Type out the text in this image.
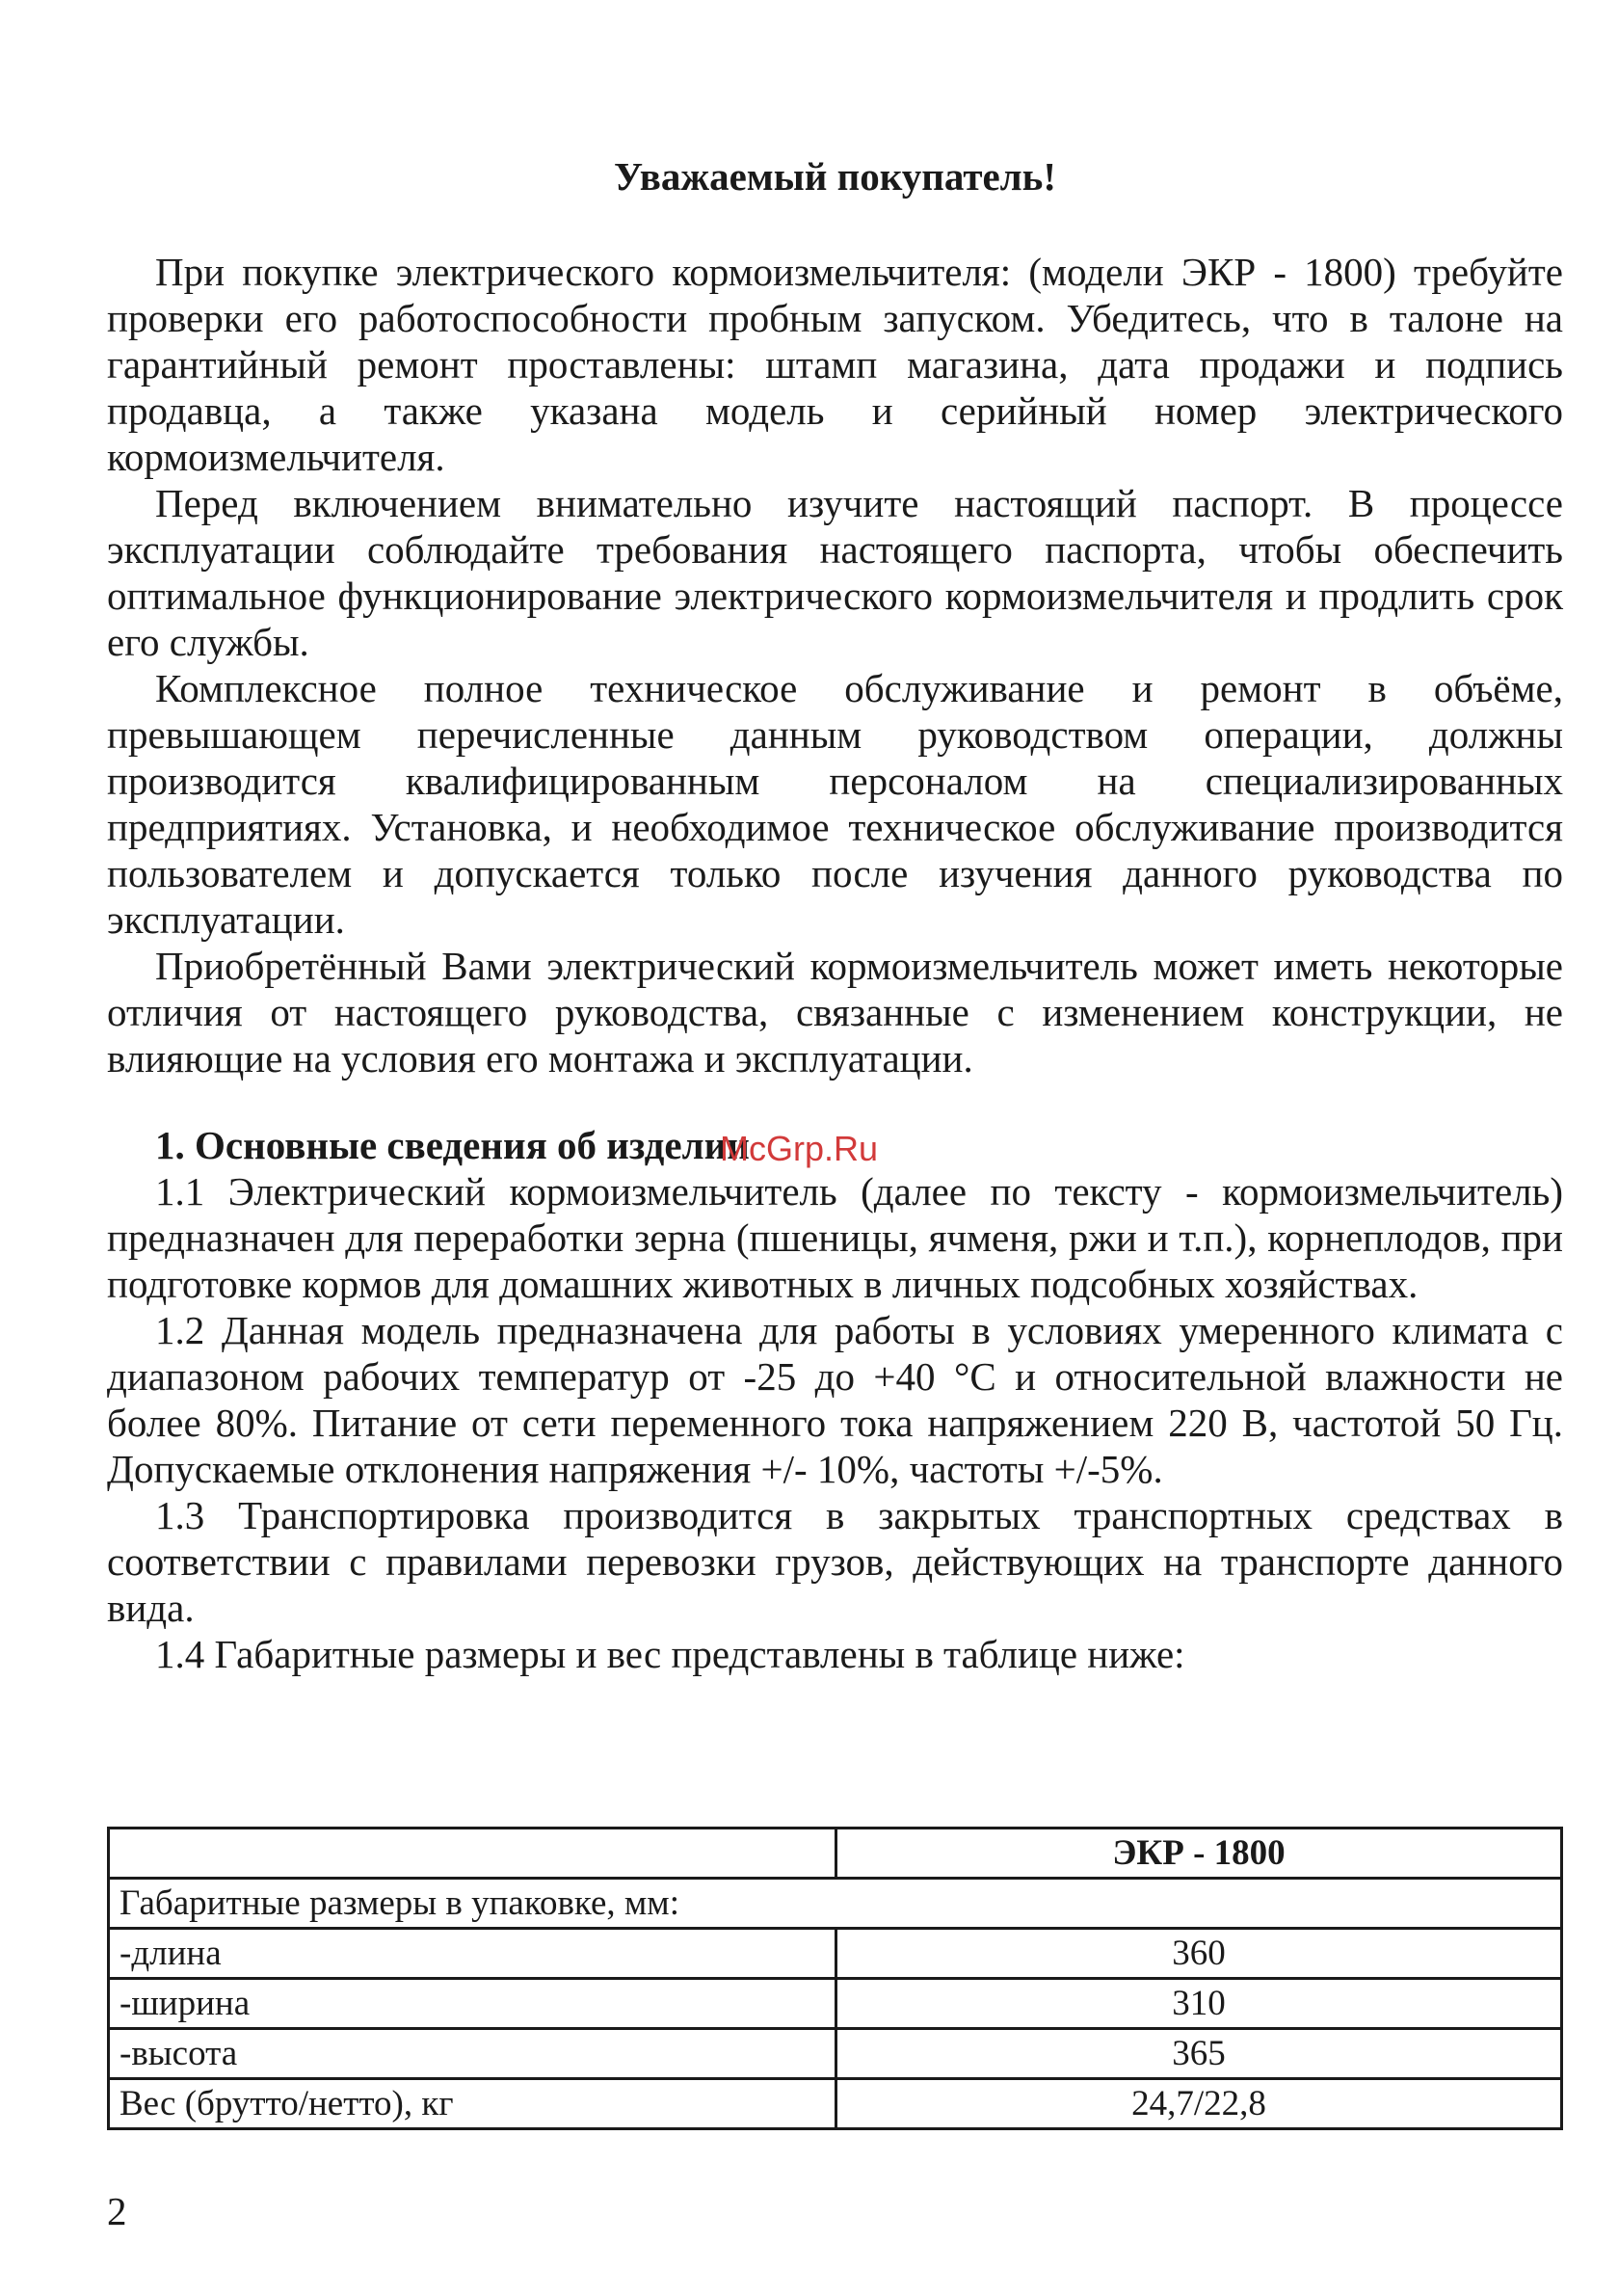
Уважаемый покупатель!

При покупке электрического кормоизмельчителя: (модели ЭКР - 1800) требуйте проверки его работоспособности пробным запуском. Убедитесь, что в талоне на гарантийный ремонт проставлены: штамп магазина, дата продажи и подпись продавца, а также указана модель и серийный номер электрического кормоизмельчителя.

Перед включением внимательно изучите настоящий паспорт. В процессе эксплуатации соблюдайте требования настоящего паспорта, чтобы обеспечить оптимальное функционирование электрического кормоизмельчителя и продлить срок его службы.

Комплексное полное техническое обслуживание и ремонт в объёме, превышающем перечисленные данным руководством операции, должны производится квалифицированным персоналом на специализированных предприятиях. Установка, и необходимое техническое обслуживание производится пользователем и допускается только после изучения данного руководства по эксплуатации.

Приобретённый Вами электрический кормоизмельчитель может иметь некоторые отличия от настоящего руководства, связанные с изменением конструкции, не влияющие на условия его монтажа и эксплуатации.

1. Основные сведения об изделии
McGrp.Ru

1.1 Электрический кормоизмельчитель (далее по тексту - кормоизмельчитель) предназначен для переработки зерна (пшеницы, ячменя, ржи и т.п.), корнеплодов, при подготовке кормов для домашних животных в личных подсобных хозяйствах.

1.2 Данная модель предназначена для работы в условиях умеренного климата с диапазоном рабочих температур от -25 до +40 °С и относительной влажности не более 80%. Питание от сети переменного тока напряжением 220 В, частотой 50 Гц. Допускаемые отклонения напряжения +/- 10%, частоты +/-5%.

1.3 Транспортировка производится в закрытых транспортных средствах в соответствии с правилами перевозки грузов, действующих на транспорте данного вида.

1.4 Габаритные размеры и вес представлены в таблице ниже:

	ЭКР - 1800
Габаритные размеры в упаковке, мм:	
-длина	360
-ширина	310
-высота	365
Вес (брутто/нетто), кг	24,7/22,8
2
